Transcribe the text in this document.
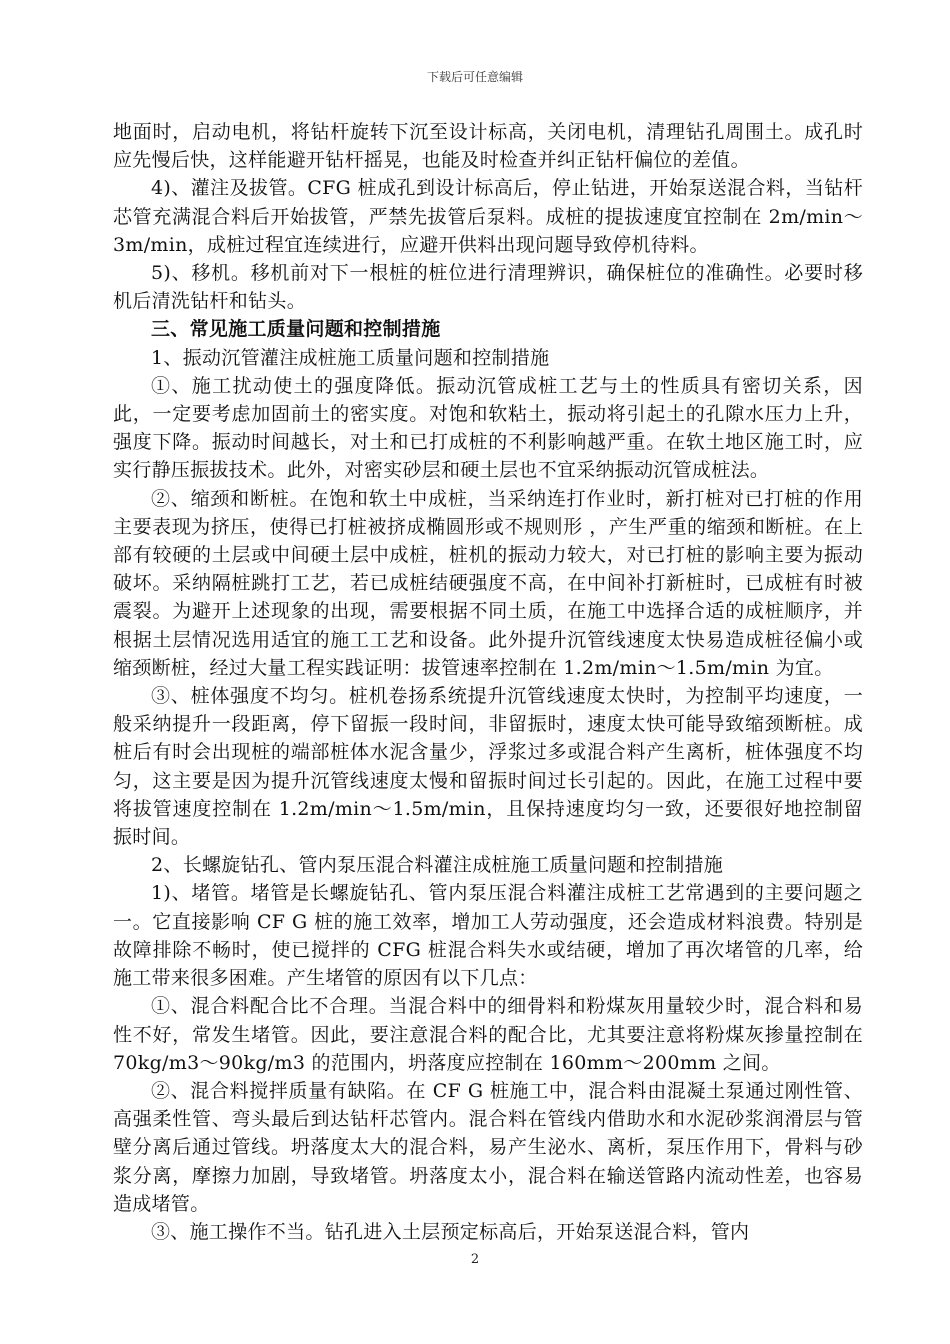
下载后可任意编辑

地面时，启动电机，将钻杆旋转下沉至设计标高，关闭电机，清理钻孔周围土。成孔时应先慢后快，这样能避开钻杆摇晃，也能及时检查并纠正钻杆偏位的差值。

4)、灌注及拔管。CFG 桩成孔到设计标高后，停止钻进，开始泵送混合料，当钻杆芯管充满混合料后开始拔管，严禁先拔管后泵料。成桩的提拔速度宜控制在 2m/min～3m/min，成桩过程宜连续进行，应避开供料出现问题导致停机待料。

5)、移机。移机前对下一根桩的桩位进行清理辨识，确保桩位的准确性。必要时移机后清洗钻杆和钻头。

三、常见施工质量问题和控制措施

1、振动沉管灌注成桩施工质量问题和控制措施

①、施工扰动使土的强度降低。振动沉管成桩工艺与土的性质具有密切关系，因此，一定要考虑加固前土的密实度。对饱和软粘土，振动将引起土的孔隙水压力上升，强度下降。振动时间越长，对土和已打成桩的不利影响越严重。在软土地区施工时，应实行静压振拔技术。此外，对密实砂层和硬土层也不宜采纳振动沉管成桩法。

②、缩颈和断桩。在饱和软土中成桩，当采纳连打作业时，新打桩对已打桩的作用主要表现为挤压，使得已打桩被挤成椭圆形或不规则形 ，产生严重的缩颈和断桩。在上部有较硬的土层或中间硬土层中成桩，桩机的振动力较大，对已打桩的影响主要为振动破坏。采纳隔桩跳打工艺，若已成桩结硬强度不高，在中间补打新桩时，已成桩有时被震裂。为避开上述现象的出现，需要根据不同土质，在施工中选择合适的成桩顺序，并根据土层情况选用适宜的施工工艺和设备。此外提升沉管线速度太快易造成桩径偏小或缩颈断桩，经过大量工程实践证明：拔管速率控制在 1.2m/min～1.5m/min 为宜。

③、桩体强度不均匀。桩机卷扬系统提升沉管线速度太快时，为控制平均速度，一般采纳提升一段距离，停下留振一段时间，非留振时，速度太快可能导致缩颈断桩。成桩后有时会出现桩的端部桩体水泥含量少，浮浆过多或混合料产生离析，桩体强度不均匀，这主要是因为提升沉管线速度太慢和留振时间过长引起的。因此，在施工过程中要将拔管速度控制在 1.2m/min～1.5m/min，且保持速度均匀一致，还要很好地控制留振时间。

2、长螺旋钻孔、管内泵压混合料灌注成桩施工质量问题和控制措施

1)、堵管。堵管是长螺旋钻孔、管内泵压混合料灌注成桩工艺常遇到的主要问题之一。它直接影响 CF G 桩的施工效率，增加工人劳动强度，还会造成材料浪费。特别是故障排除不畅时，使已搅拌的 CFG 桩混合料失水或结硬，增加了再次堵管的几率，给施工带来很多困难。产生堵管的原因有以下几点：

①、混合料配合比不合理。当混合料中的细骨料和粉煤灰用量较少时，混合料和易性不好，常发生堵管。因此，要注意混合料的配合比，尤其要注意将粉煤灰掺量控制在 70kg/m3～90kg/m3 的范围内，坍落度应控制在 160mm～200mm 之间。

②、混合料搅拌质量有缺陷。在 CF G 桩施工中，混合料由混凝土泵通过刚性管、高强柔性管、弯头最后到达钻杆芯管内。混合料在管线内借助水和水泥砂浆润滑层与管壁分离后通过管线。坍落度太大的混合料，易产生泌水、离析，泵压作用下，骨料与砂浆分离，摩擦力加剧，导致堵管。坍落度太小，混合料在输送管路内流动性差，也容易造成堵管。

③、施工操作不当。钻孔进入土层预定标高后，开始泵送混合料，管内

2
